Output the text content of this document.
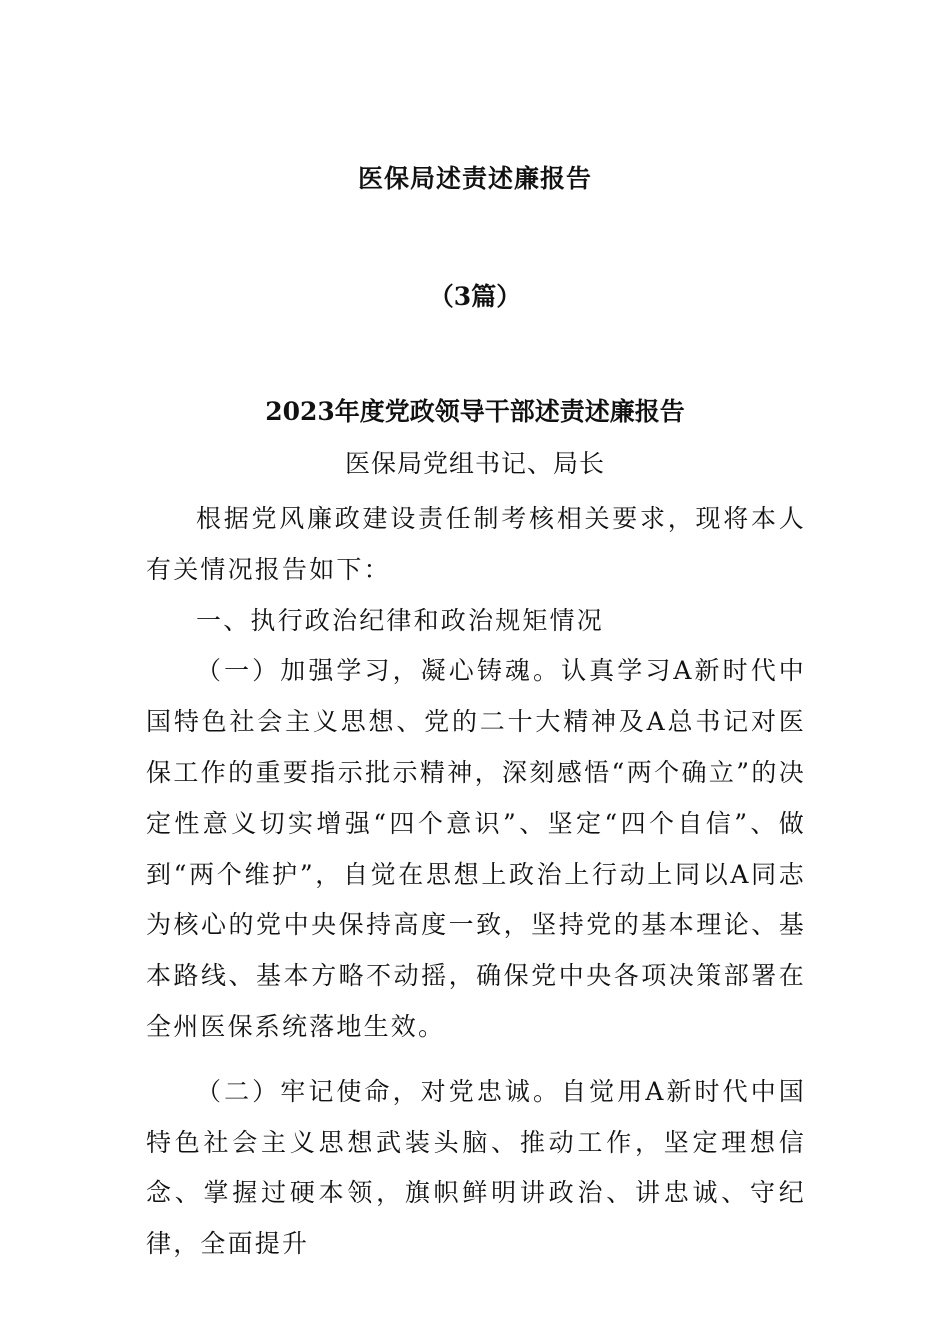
医保局述责述廉报告
（3篇）
2023年度党政领导干部述责述廉报告
医保局党组书记、局长

根据党风廉政建设责任制考核相关要求，现将本人有关情况报告如下：

一、执行政治纪律和政治规矩情况

（一）加强学习，凝心铸魂。认真学习A新时代中国特色社会主义思想、党的二十大精神及A总书记对医保工作的重要指示批示精神，深刻感悟“两个确立”的决定性意义切实增强“四个意识”、坚定“四个自信”、做到“两个维护”，自觉在思想上政治上行动上同以A同志为核心的党中央保持高度一致，坚持党的基本理论、基本路线、基本方略不动摇，确保党中央各项决策部署在全州医保系统落地生效。

（二）牢记使命，对党忠诚。自觉用A新时代中国特色社会主义思想武装头脑、推动工作，坚定理想信念、掌握过硬本领，旗帜鲜明讲政治、讲忠诚、守纪律，全面提升
